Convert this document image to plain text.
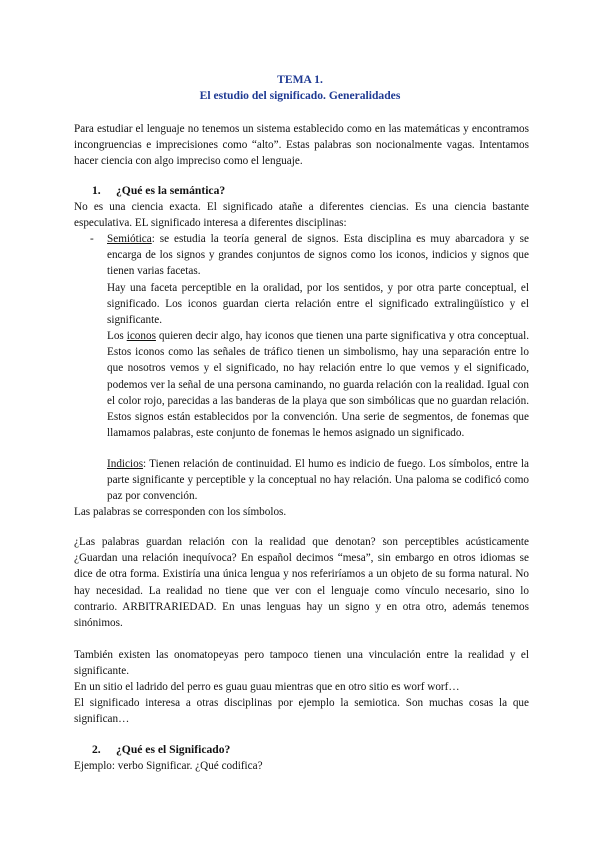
TEMA 1.

El estudio del significado. Generalidades

Para estudiar el lenguaje no tenemos un sistema establecido como en las matemáticas y encontramos incongruencias e imprecisiones como “alto”. Estas palabras son nocionalmente vagas. Intentamos hacer ciencia con algo impreciso como el lenguaje.

1. ¿Qué es la semántica?

No es una ciencia exacta. El significado atañe a diferentes ciencias. Es una ciencia bastante especulativa. EL significado interesa a diferentes disciplinas:

- Semiótica: se estudia la teoría general de signos. Esta disciplina es muy abarcadora y se encarga de los signos y grandes conjuntos de signos como los iconos, indicios y signos que tienen varias facetas.

Hay una faceta perceptible en la oralidad, por los sentidos, y por otra parte conceptual, el significado. Los iconos guardan cierta relación entre el significado extralingüístico y el significante.

Los iconos quieren decir algo, hay iconos que tienen una parte significativa y otra conceptual. Estos iconos como las señales de tráfico tienen un simbolismo, hay una separación entre lo que nosotros vemos y el significado, no hay relación entre lo que vemos y el significado, podemos ver la señal de una persona caminando, no guarda relación con la realidad. Igual con el color rojo, parecidas a las banderas de la playa que son simbólicas que no guardan relación. Estos signos están establecidos por la convención. Una serie de segmentos, de fonemas que llamamos palabras, este conjunto de fonemas le hemos asignado un significado.

Indicios: Tienen relación de continuidad. El humo es indicio de fuego. Los símbolos, entre la parte significante y perceptible y la conceptual no hay relación. Una paloma se codificó como paz por convención.

Las palabras se corresponden con los símbolos.

¿Las palabras guardan relación con la realidad que denotan? son perceptibles acústicamente ¿Guardan una relación inequívoca? En español decimos “mesa”, sin embargo en otros idiomas se dice de otra forma. Existiría una única lengua y nos referiríamos a un objeto de su forma natural. No hay necesidad. La realidad no tiene que ver con el lenguaje como vínculo necesario, sino lo contrario. ARBITRARIEDAD. En unas lenguas hay un signo y en otra otro, además tenemos sinónimos.

También existen las onomatopeyas pero tampoco tienen una vinculación entre la realidad y el significante.

En un sitio el ladrido del perro es guau guau mientras que en otro sitio es worf worf…

El significado interesa a otras disciplinas por ejemplo la semiotica. Son muchas cosas la que significan…

2. ¿Qué es el Significado?

Ejemplo: verbo Significar. ¿Qué codifica?
